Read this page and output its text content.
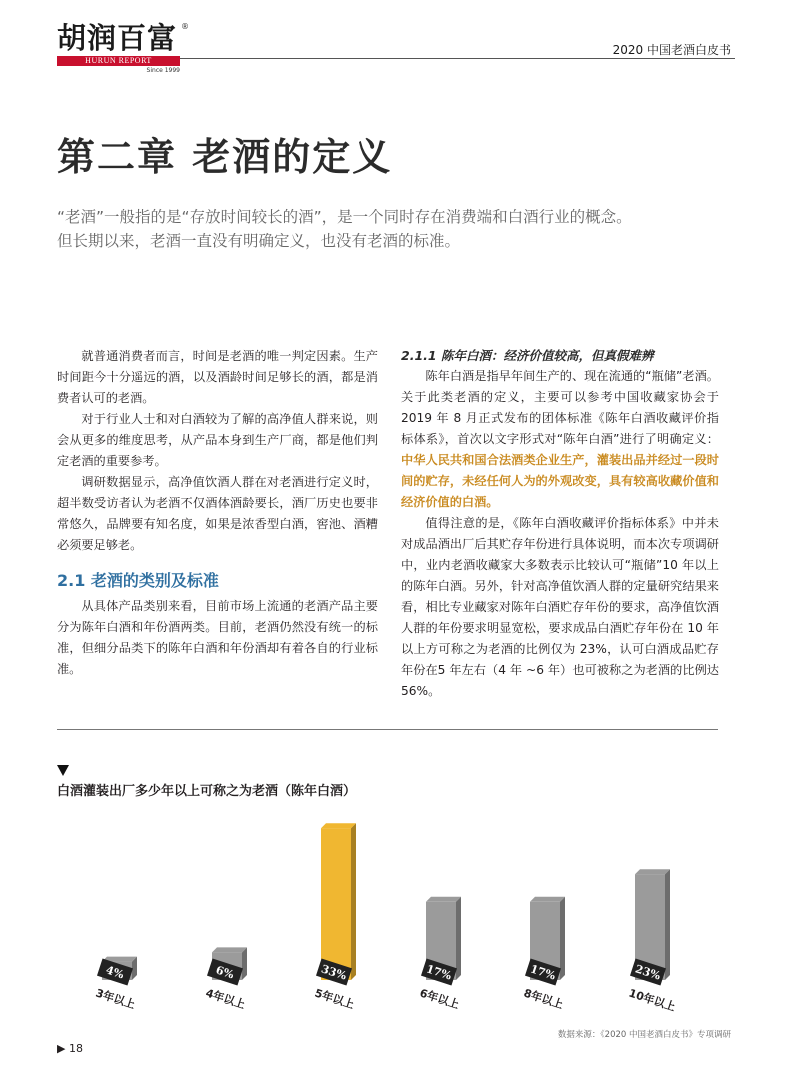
胡润百富 ®
HURUN REPORT
Since 1999
2020 中国老酒白皮书
第二章 老酒的定义

“老酒”一般指的是“存放时间较长的酒”，是一个同时存在消费端和白酒行业的概念。

但长期以来，老酒一直没有明确定义，也没有老酒的标准。

就普通消费者而言，时间是老酒的唯一判定因素。生产时间距今十分遥远的酒，以及酒龄时间足够长的酒，都是消费者认可的老酒。

对于行业人士和对白酒较为了解的高净值人群来说，则会从更多的维度思考，从产品本身到生产厂商，都是他们判定老酒的重要参考。

调研数据显示，高净值饮酒人群在对老酒进行定义时，超半数受访者认为老酒不仅酒体酒龄要长，酒厂历史也要非常悠久，品牌要有知名度，如果是浓香型白酒，窖池、酒糟必须要足够老。

2.1 老酒的类别及标准

从具体产品类别来看，目前市场上流通的老酒产品主要分为陈年白酒和年份酒两类。目前，老酒仍然没有统一的标准，但细分品类下的陈年白酒和年份酒却有着各自的行业标准。

2.1.1 陈年白酒：经济价值较高，但真假难辨

陈年白酒是指早年间生产的、现在流通的“瓶储”老酒。关于此类老酒的定义，主要可以参考中国收藏家协会于2019 年 8 月正式发布的团体标准《陈年白酒收藏评价指标体系》，首次以文字形式对“陈年白酒”进行了明确定义：中华人民共和国合法酒类企业生产，灌装出品并经过一段时间的贮存，未经任何人为的外观改变，具有较高收藏价值和经济价值的白酒。

值得注意的是，《陈年白酒收藏评价指标体系》中并未对成品酒出厂后其贮存年份进行具体说明，而本次专项调研中，业内老酒收藏家大多数表示比较认可“瓶储”10 年以上的陈年白酒。另外，针对高净值饮酒人群的定量研究结果来看，相比专业藏家对陈年白酒贮存年份的要求，高净值饮酒人群的年份要求明显宽松，要求成品白酒贮存年份在 10 年以上方可称之为老酒的比例仅为 23%，认可白酒成品贮存年份在5 年左右（4 年 ~6 年）也可被称之为老酒的比例达 56%。

白酒灌装出厂多少年以上可称之为老酒（陈年白酒）
4%
3年以上
6%
4年以上
33%
5年以上
17%
6年以上
17%
8年以上
23%
10年以上
数据来源：《2020 中国老酒白皮书》专项调研
▶ 18
